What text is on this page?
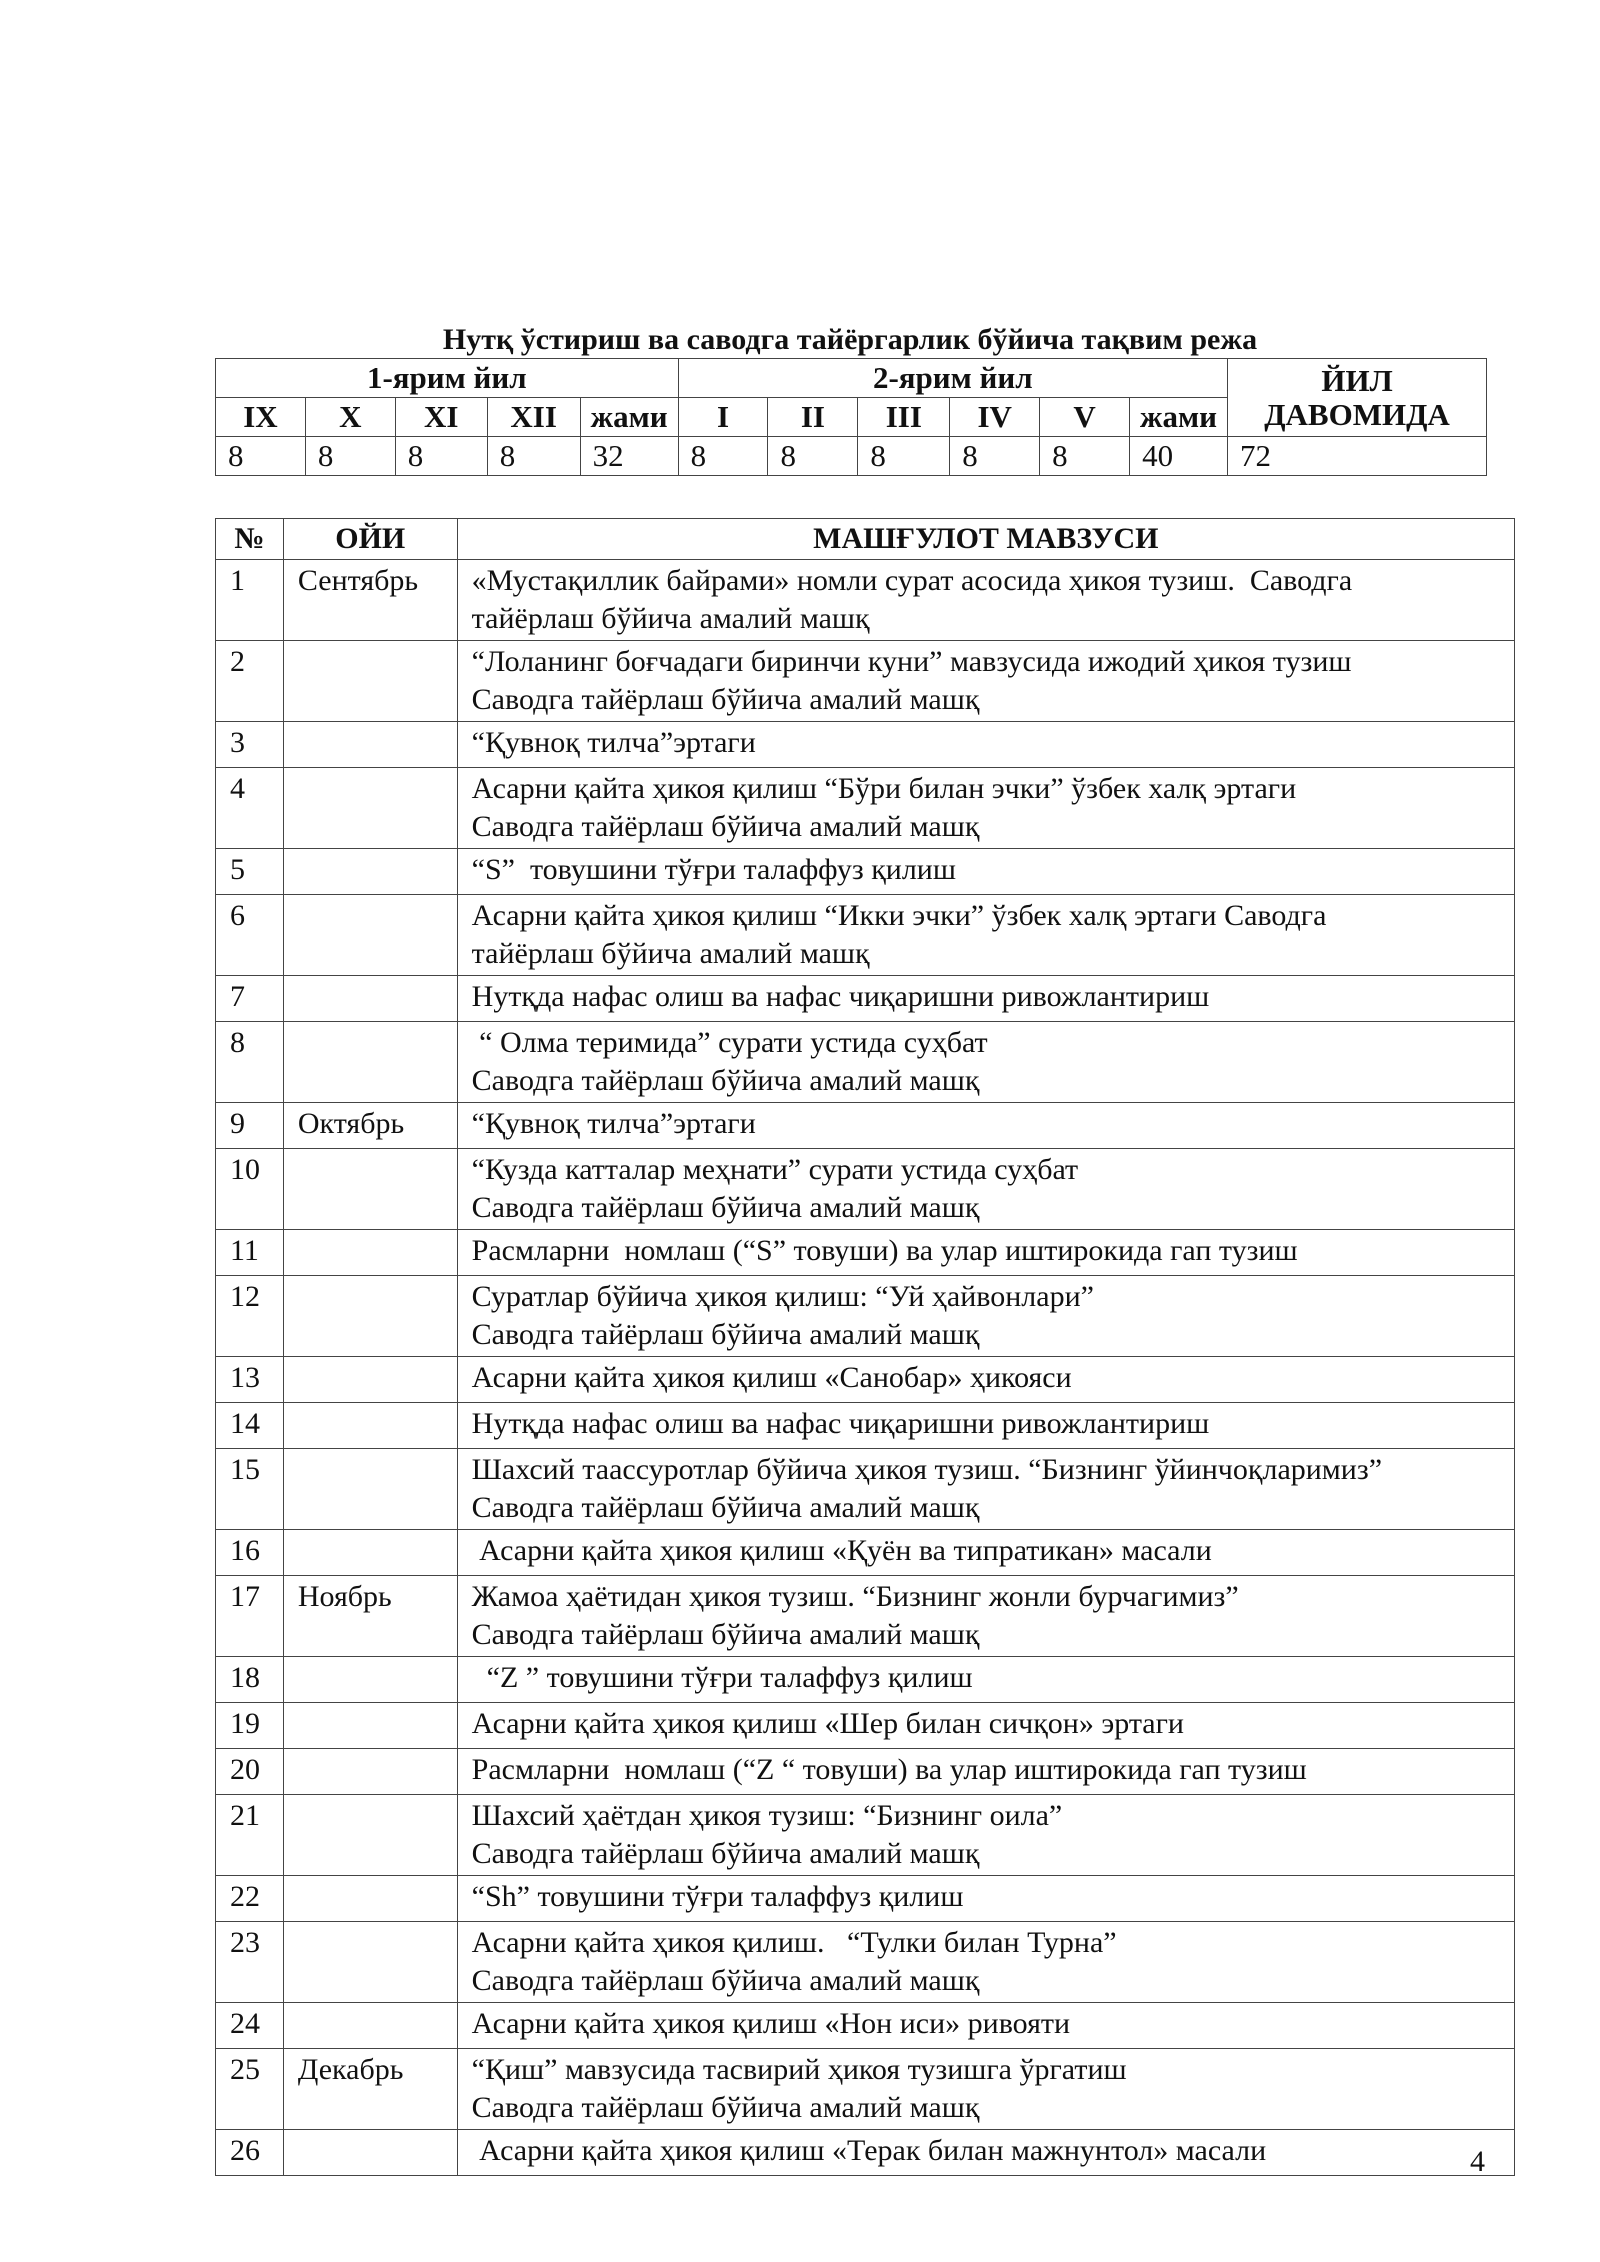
Нутқ ўстириш ва саводга тайёргарлик бўйича тақвим режа
1-ярим йил					2-ярим йил						ЙИЛ ДАВОМИДА
IX	X	XI	XII	жами	I	II	III	IV	V	жами	
8	8	8	8	32	8	8	8	8	8	40	72
№	ОЙИ	МАШҒУЛОТ МАВЗУСИ
1	Сентябрь	«Мустақиллик байрами» номли сурат асосида ҳикоя тузиш.  Саводга
тайёрлаш бўйича амалий машқ

2		“Лоланинг боғчадаги биринчи куни” мавзусида ижодий ҳикоя тузиш
Саводга тайёрлаш бўйича амалий машқ

3		“Қувноқ тилча”эртаги

4		Асарни қайта ҳикоя қилиш “Бўри билан эчки” ўзбек халқ эртаги
Саводга тайёрлаш бўйича амалий машқ

5		“S”  товушини тўғри талаффуз қилиш

6		Асарни қайта ҳикоя қилиш “Икки эчки” ўзбек халқ эртаги Саводга
тайёрлаш бўйича амалий машқ

7		Нутқда нафас олиш ва нафас чиқаришни ривожлантириш

8		“ Олма теримида” сурати устида суҳбат
Саводга тайёрлаш бўйича амалий машқ

9	Октябрь	“Қувноқ тилча”эртаги

10		“Кузда катталар меҳнати” сурати устида суҳбат
Саводга тайёрлаш бўйича амалий машқ

11		Расмларни  номлаш (“S” товуши) ва улар иштирокида гап тузиш

12		Суратлар бўйича ҳикоя қилиш: “Уй ҳайвонлари”
Саводга тайёрлаш бўйича амалий машқ

13		Асарни қайта ҳикоя қилиш «Санобар» ҳикояси

14		Нутқда нафас олиш ва нафас чиқаришни ривожлантириш

15		Шахсий таассуротлар бўйича ҳикоя тузиш. “Бизнинг ўйинчоқларимиз”
Саводга тайёрлаш бўйича амалий машқ

16		Асарни қайта ҳикоя қилиш «Қуён ва типратикан» масали

17	Ноябрь	Жамоа ҳаётидан ҳикоя тузиш. “Бизнинг жонли бурчагимиз”
Саводга тайёрлаш бўйича амалий машқ

18		“Z ” товушини тўғри талаффуз қилиш

19		Асарни қайта ҳикоя қилиш «Шер билан сичқон» эртаги

20		Расмларни  номлаш (“Z “ товуши) ва улар иштирокида гап тузиш

21		Шахсий ҳаётдан ҳикоя тузиш: “Бизнинг оила”
Саводга тайёрлаш бўйича амалий машқ

22		“Sh” товушини тўғри талаффуз қилиш

23		Асарни қайта ҳикоя қилиш.   “Тулки билан Турна”
Саводга тайёрлаш бўйича амалий машқ

24		Асарни қайта ҳикоя қилиш «Нон иси» ривояти

25	Декабрь	“Қиш” мавзусида тасвирий ҳикоя тузишга ўргатиш
Саводга тайёрлаш бўйича амалий машқ

26		Асарни қайта ҳикоя қилиш «Терак билан мажнунтол» масали	4
